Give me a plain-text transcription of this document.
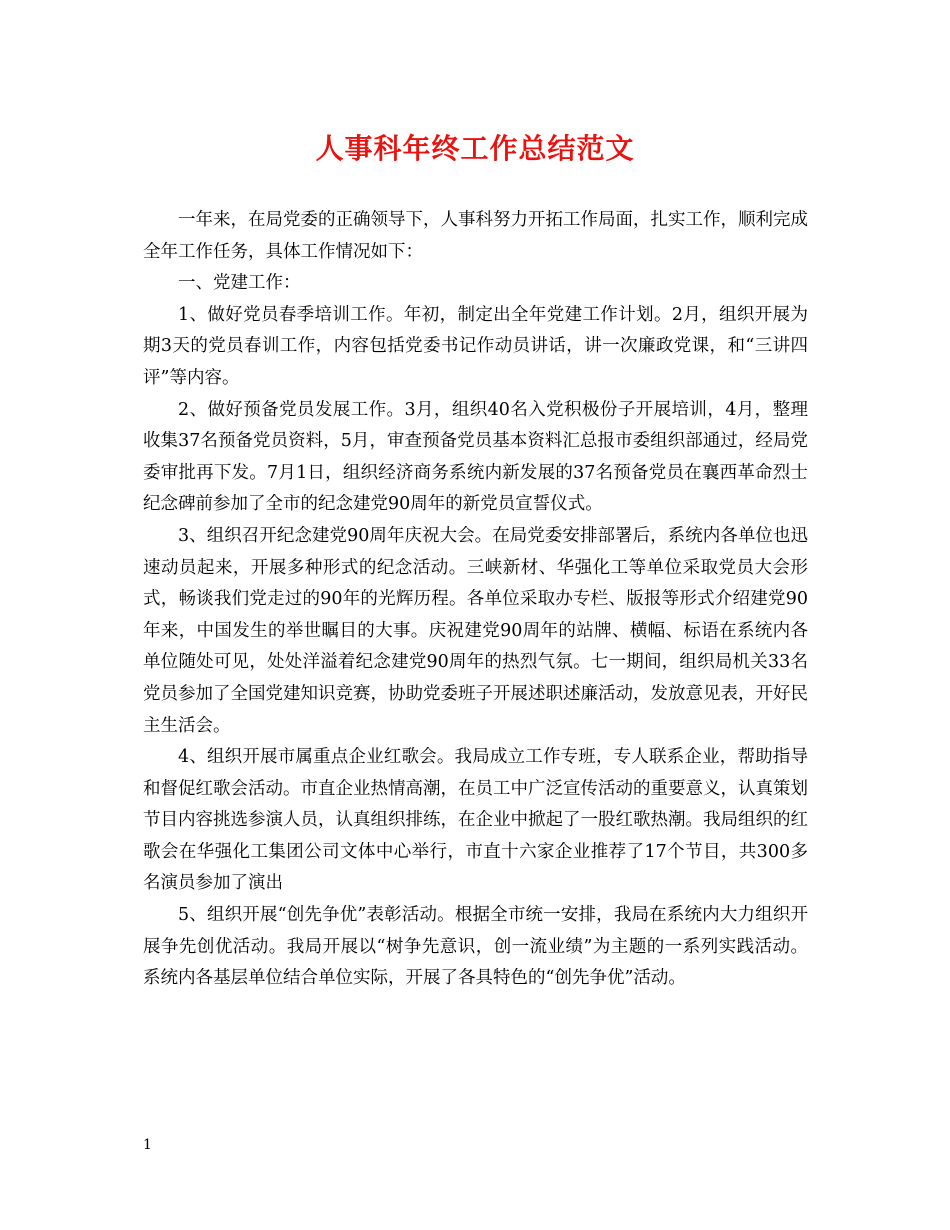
人事科年终工作总结范文

一年来，在局党委的正确领导下，人事科努力开拓工作局面，扎实工作，顺利完成全年工作任务，具体工作情况如下：

一、党建工作：

1、做好党员春季培训工作。年初，制定出全年党建工作计划。2月，组织开展为期3天的党员春训工作，内容包括党委书记作动员讲话，讲一次廉政党课，和“三讲四评”等内容。

2、做好预备党员发展工作。3月，组织40名入党积极份子开展培训，4月，整理收集37名预备党员资料，5月，审查预备党员基本资料汇总报市委组织部通过，经局党委审批再下发。7月1日，组织经济商务系统内新发展的37名预备党员在襄西革命烈士纪念碑前参加了全市的纪念建党90周年的新党员宣誓仪式。

3、组织召开纪念建党90周年庆祝大会。在局党委安排部署后，系统内各单位也迅速动员起来，开展多种形式的纪念活动。三峡新材、华强化工等单位采取党员大会形式，畅谈我们党走过的90年的光辉历程。各单位采取办专栏、版报等形式介绍建党90年来，中国发生的举世瞩目的大事。庆祝建党90周年的站牌、横幅、标语在系统内各单位随处可见，处处洋溢着纪念建党90周年的热烈气氛。七一期间，组织局机关33名党员参加了全国党建知识竞赛，协助党委班子开展述职述廉活动，发放意见表，开好民主生活会。

4、组织开展市属重点企业红歌会。我局成立工作专班，专人联系企业，帮助指导和督促红歌会活动。市直企业热情高潮，在员工中广泛宣传活动的重要意义，认真策划节目内容挑选参演人员，认真组织排练，在企业中掀起了一股红歌热潮。我局组织的红歌会在华强化工集团公司文体中心举行，市直十六家企业推荐了17个节目，共300多名演员参加了演出

5、组织开展“创先争优”表彰活动。根据全市统一安排，我局在系统内大力组织开展争先创优活动。我局开展以“树争先意识，创一流业绩”为主题的一系列实践活动。系统内各基层单位结合单位实际，开展了各具特色的“创先争优”活动。

1
